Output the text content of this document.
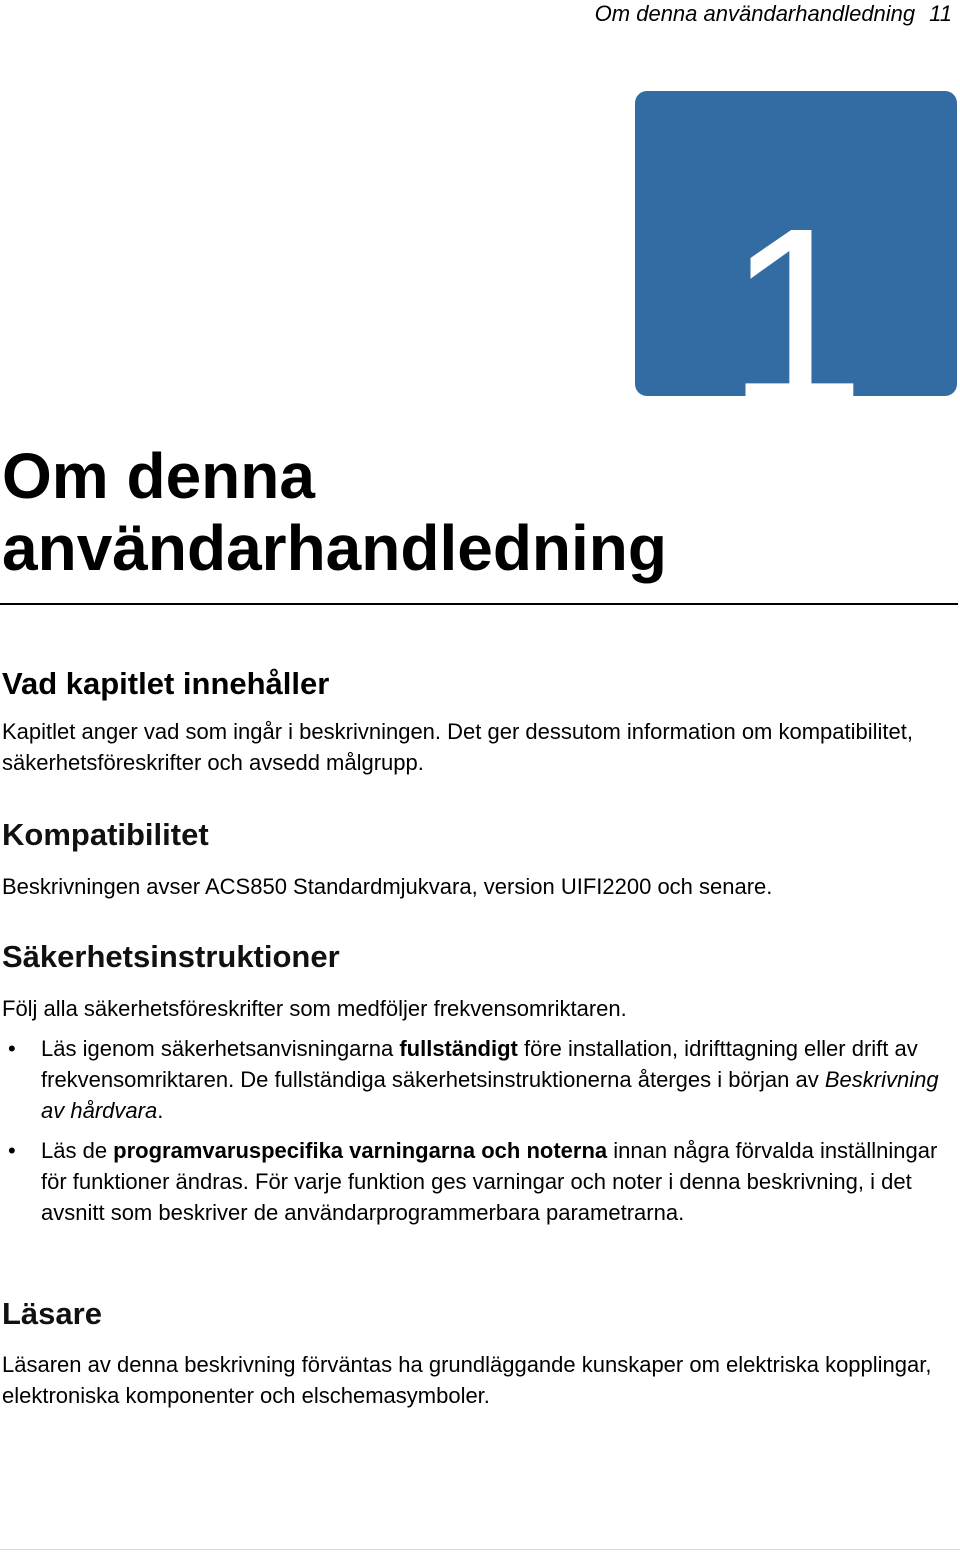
Om denna användarhandledning 11
1
Om denna användarhandledning
Vad kapitlet innehåller

Kapitlet anger vad som ingår i beskrivningen. Det ger dessutom information om kompatibilitet, säkerhetsföreskrifter och avsedd målgrupp.

Kompatibilitet

Beskrivningen avser ACS850 Standardmjukvara, version UIFI2200 och senare.

Säkerhetsinstruktioner

Följ alla säkerhetsföreskrifter som medföljer frekvensomriktaren.

• Läs igenom säkerhetsanvisningarna fullständigt före installation, idrifttagning eller drift av frekvensomriktaren. De fullständiga säkerhetsinstruktionerna återges i början av Beskrivning av hårdvara.
• Läs de programvaruspecifika varningarna och noterna innan några förvalda inställningar för funktioner ändras. För varje funktion ges varningar och noter i denna beskrivning, i det avsnitt som beskriver de användarprogrammerbara parametrarna.
Läsare

Läsaren av denna beskrivning förväntas ha grundläggande kunskaper om elektriska kopplingar, elektroniska komponenter och elschemasymboler.
